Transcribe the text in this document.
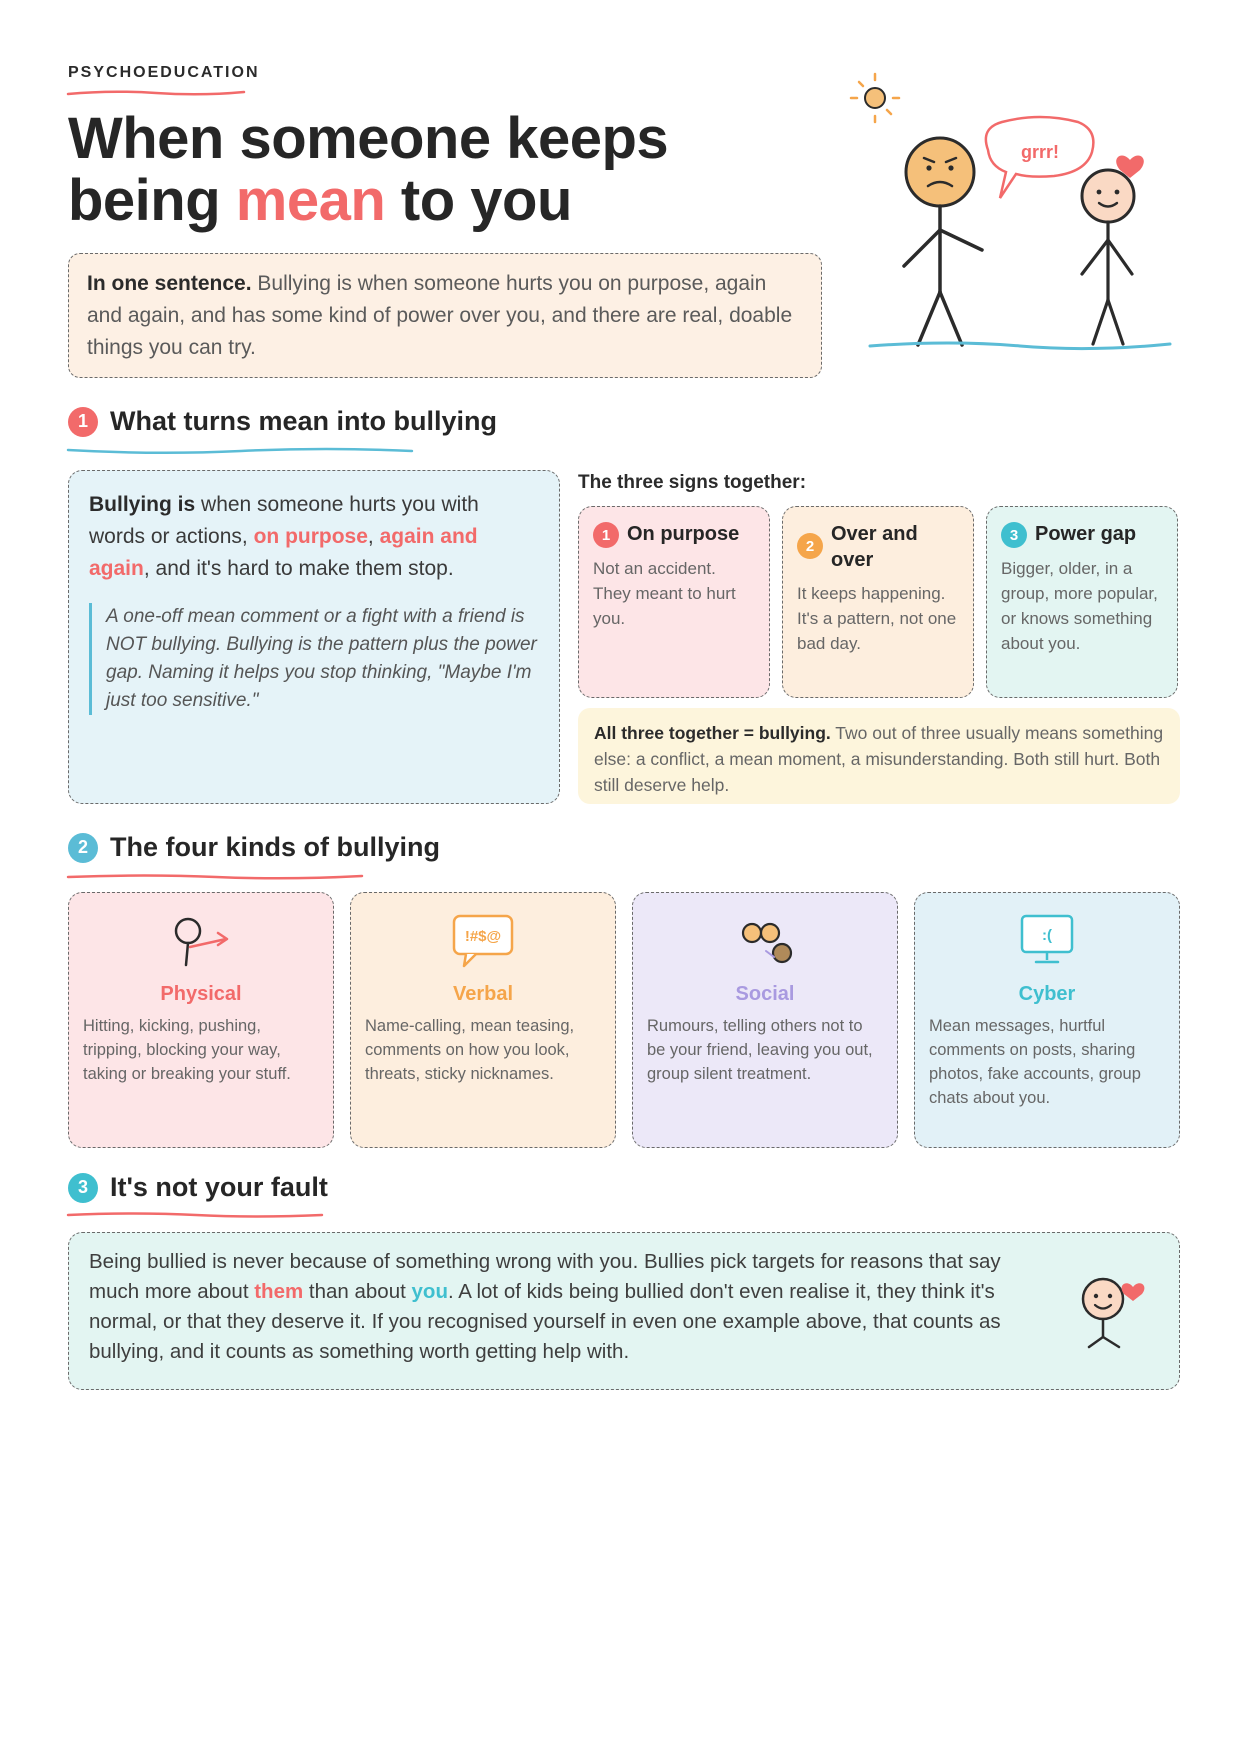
PSYCHOEDUCATION
When someone keeps
being mean to you
In one sentence. Bullying is when someone hurts you on purpose, again and again, and has some kind of power over you, and there are real, doable things you can try.
grrr!
1 What turns mean into bullying
Bullying is when someone hurts you with words or actions, on purpose, again and again, and it's hard to make them stop.
A one-off mean comment or a fight with a friend is NOT bullying. Bullying is the pattern plus the power gap. Naming it helps you stop thinking, "Maybe I'm just too sensitive."
The three signs together:
1 On purpose
Not an accident. They meant to hurt you.
2
Over and over
It keeps happening. It's a pattern, not one bad day.
3 Power gap
Bigger, older, in a group, more popular, or knows something about you.
All three together = bullying. Two out of three usually means something else: a conflict, a mean moment, a misunderstanding. Both still hurt. Both still deserve help.
2 The four kinds of bullying
Physical
Hitting, kicking, pushing, tripping, blocking your way, taking or breaking your stuff.
!#$@
Verbal
Name-calling, mean teasing, comments on how you look, threats, sticky nicknames.
Social
Rumours, telling others not to be your friend, leaving you out, group silent treatment.
:(
Cyber
Mean messages, hurtful comments on posts, sharing photos, fake accounts, group chats about you.
3 It's not your fault
Being bullied is never because of something wrong with you. Bullies pick targets for reasons that say much more about them than about you. A lot of kids being bullied don't even realise it, they think it's normal, or that they deserve it. If you recognised yourself in even one example above, that counts as bullying, and it counts as something worth getting help with.
